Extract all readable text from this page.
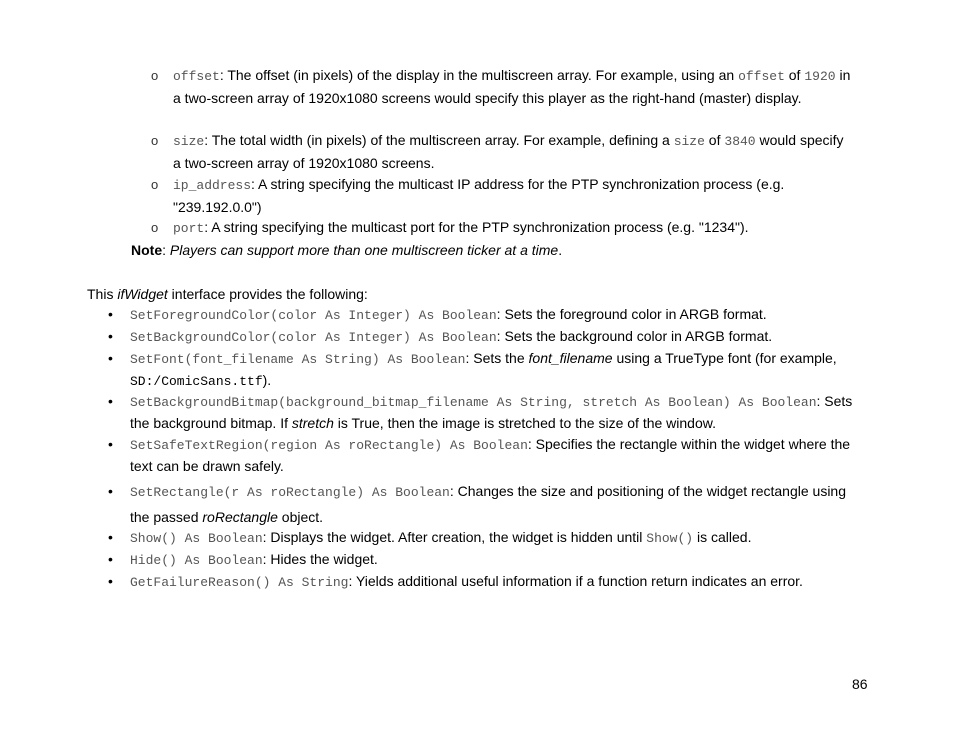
o offset: The offset (in pixels) of the display in the multiscreen array. For example, using an offset of 1920 in a two-screen array of 1920x1080 screens would specify this player as the right-hand (master) display.
o size: The total width (in pixels) of the multiscreen array. For example, defining a size of 3840 would specify a two-screen array of 1920x1080 screens.
o ip_address: A string specifying the multicast IP address for the PTP synchronization process (e.g. "239.192.0.0")
o port: A string specifying the multicast port for the PTP synchronization process (e.g. "1234").
Note: Players can support more than one multiscreen ticker at a time.
This ifWidget interface provides the following:
• SetForegroundColor(color As Integer) As Boolean: Sets the foreground color in ARGB format.
• SetBackgroundColor(color As Integer) As Boolean: Sets the background color in ARGB format.
• SetFont(font_filename As String) As Boolean: Sets the font_filename using a TrueType font (for example, SD:/ComicSans.ttf).
• SetBackgroundBitmap(background_bitmap_filename As String, stretch As Boolean) As Boolean: Sets the background bitmap. If stretch is True, then the image is stretched to the size of the window.
• SetSafeTextRegion(region As roRectangle) As Boolean: Specifies the rectangle within the widget where the text can be drawn safely.
• SetRectangle(r As roRectangle) As Boolean: Changes the size and positioning of the widget rectangle using the passed roRectangle object.
• Show() As Boolean: Displays the widget. After creation, the widget is hidden until Show() is called.
• Hide() As Boolean: Hides the widget.
• GetFailureReason() As String: Yields additional useful information if a function return indicates an error.
86
